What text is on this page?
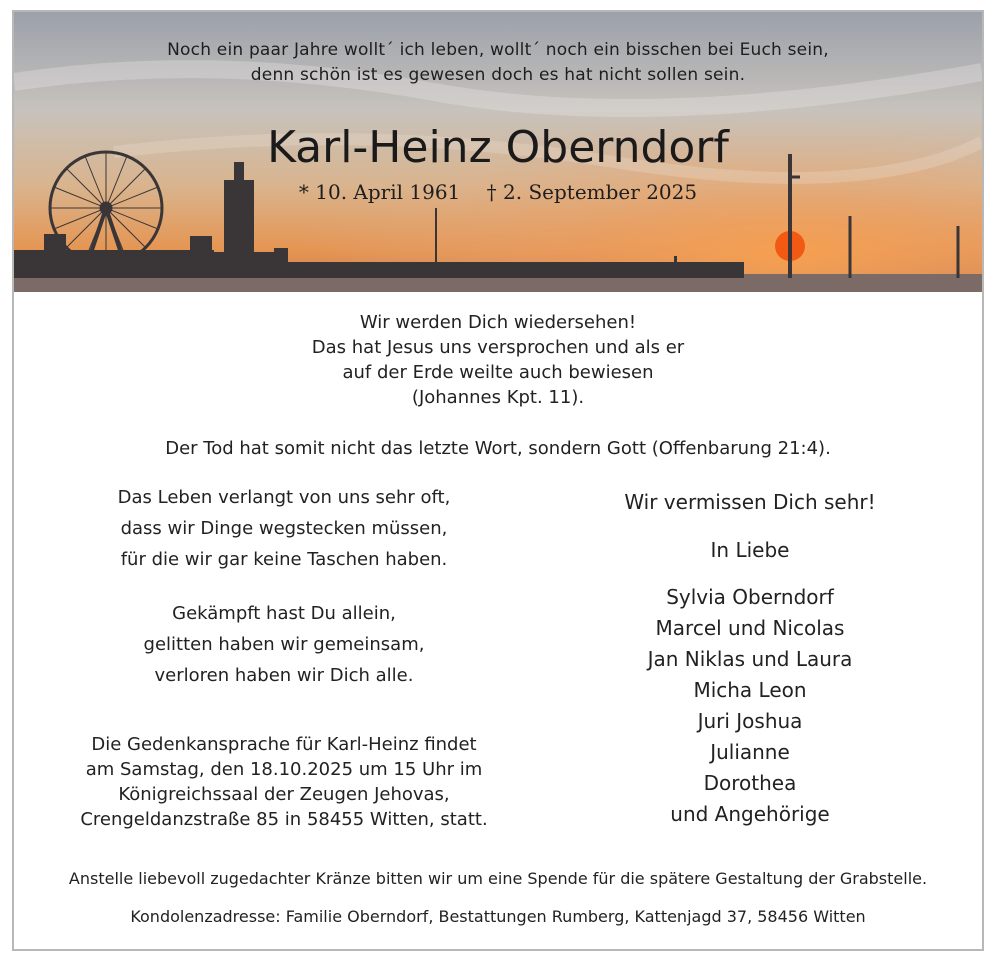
Noch ein paar Jahre wollt´ ich leben, wollt´ noch ein bisschen bei Euch sein,
denn schön ist es gewesen doch es hat nicht sollen sein.
Karl-Heinz Oberndorf
* 10. April 1961 † 2. September 2025
Wir werden Dich wiedersehen!
Das hat Jesus uns versprochen und als er
auf der Erde weilte auch bewiesen
(Johannes Kpt. 11).
Der Tod hat somit nicht das letzte Wort, sondern Gott (Offenbarung 21:4).
Das Leben verlangt von uns sehr oft,
dass wir Dinge wegstecken müssen,
für die wir gar keine Taschen haben.
Gekämpft hast Du allein,
gelitten haben wir gemeinsam,
verloren haben wir Dich alle.
Die Gedenkansprache für Karl-Heinz findet
am Samstag, den 18.10.2025 um 15 Uhr im
Königreichssaal der Zeugen Jehovas,
Crengeldanzstraße 85 in 58455 Witten, statt.
Wir vermissen Dich sehr!
In Liebe
Sylvia Oberndorf
Marcel und Nicolas
Jan Niklas und Laura
Micha Leon
Juri Joshua
Julianne
Dorothea
und Angehörige
Anstelle liebevoll zugedachter Kränze bitten wir um eine Spende für die spätere Gestaltung der Grabstelle.
Kondolenzadresse: Familie Oberndorf, Bestattungen Rumberg, Kattenjagd 37, 58456 Witten
